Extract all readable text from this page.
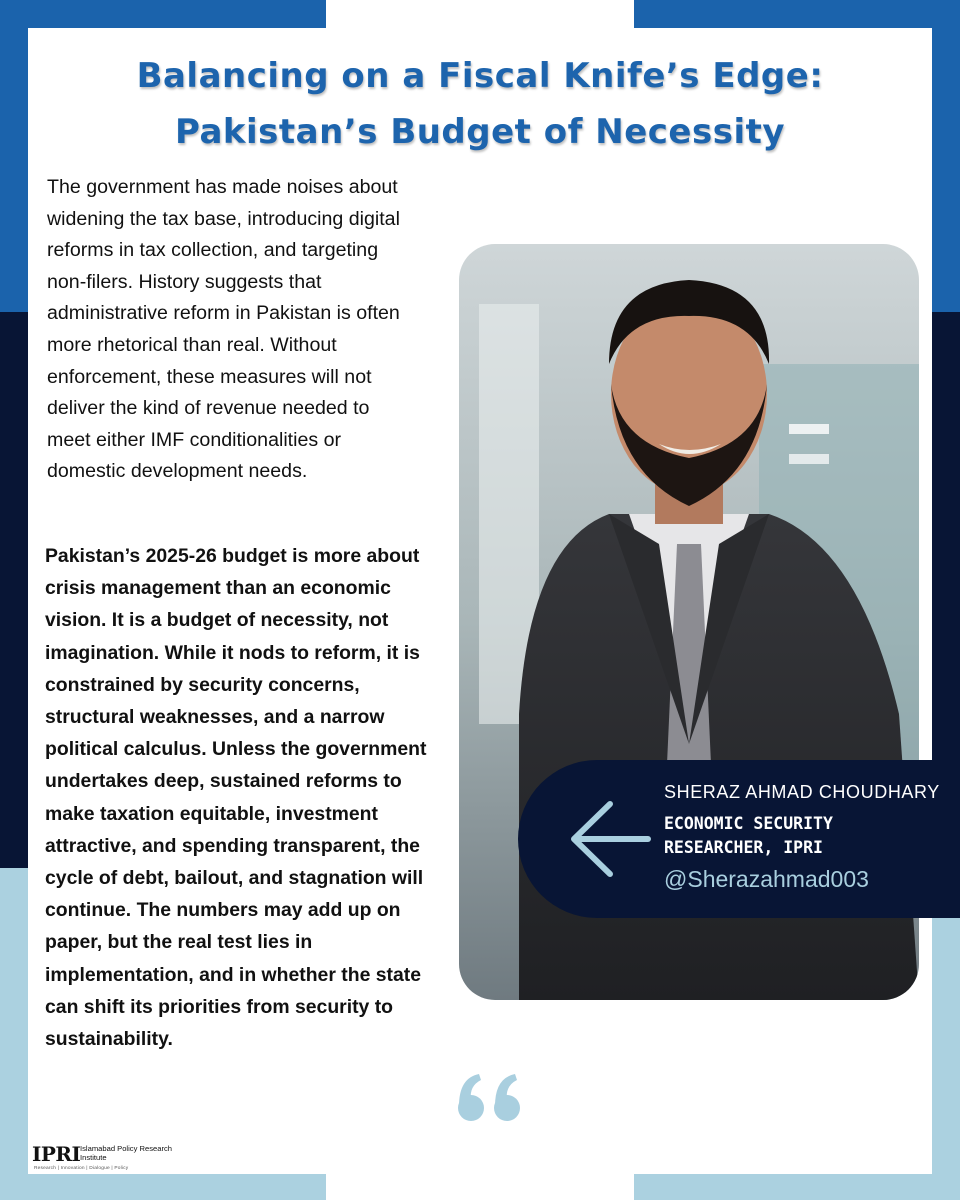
Balancing on a Fiscal Knife’s Edge:
Pakistan’s Budget of Necessity

The government has made noises about widening the tax base, introducing digital reforms in tax collection, and targeting non-filers. History suggests that administrative reform in Pakistan is often more rhetorical than real. Without enforcement, these measures will not deliver the kind of revenue needed to meet either IMF conditionalities or domestic development needs.

Pakistan’s 2025-26 budget is more about crisis management than an economic vision. It is a budget of necessity, not imagination. While it nods to reform, it is constrained by security concerns, structural weaknesses, and a narrow political calculus. Unless the government undertakes deep, sustained reforms to make taxation equitable, investment attractive, and spending transparent, the cycle of debt, bailout, and stagnation will continue. The numbers may add up on paper, but the real test lies in implementation, and in whether the state can shift its priorities from security to sustainability.

SHERAZ AHMAD CHOUDHARY

ECONOMIC SECURITY RESEARCHER, IPRI

@Sherazahmad003

IPRI Islamabad Policy Research Institute

Research | Innovation | Dialogue | Policy
